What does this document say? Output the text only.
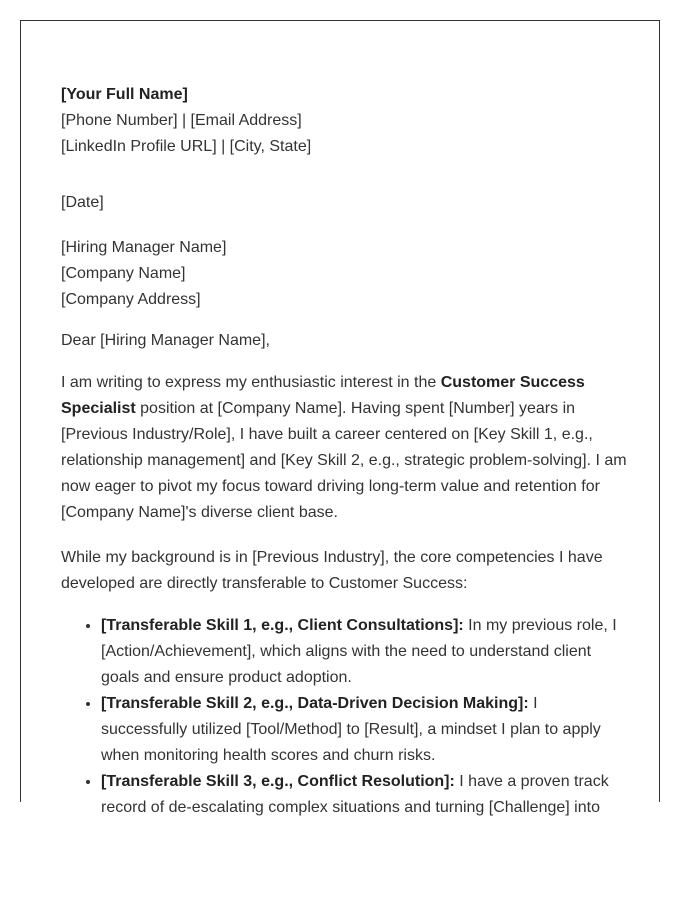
[Your Full Name]
[Phone Number] | [Email Address]
[LinkedIn Profile URL] | [City, State]
[Date]
[Hiring Manager Name]
[Company Name]
[Company Address]

Dear [Hiring Manager Name],

I am writing to express my enthusiastic interest in the Customer Success Specialist position at [Company Name]. Having spent [Number] years in [Previous Industry/Role], I have built a career centered on [Key Skill 1, e.g., relationship management] and [Key Skill 2, e.g., strategic problem-solving]. I am now eager to pivot my focus toward driving long-term value and retention for [Company Name]'s diverse client base.

While my background is in [Previous Industry], the core competencies I have developed are directly transferable to Customer Success:

• [Transferable Skill 1, e.g., Client Consultations]: In my previous role, I [Action/Achievement], which aligns with the need to understand client goals and ensure product adoption.
• [Transferable Skill 2, e.g., Data-Driven Decision Making]: I successfully utilized [Tool/Method] to [Result], a mindset I plan to apply when monitoring health scores and churn risks.
• [Transferable Skill 3, e.g., Conflict Resolution]: I have a proven track record of de-escalating complex situations and turning [Challenge] into
